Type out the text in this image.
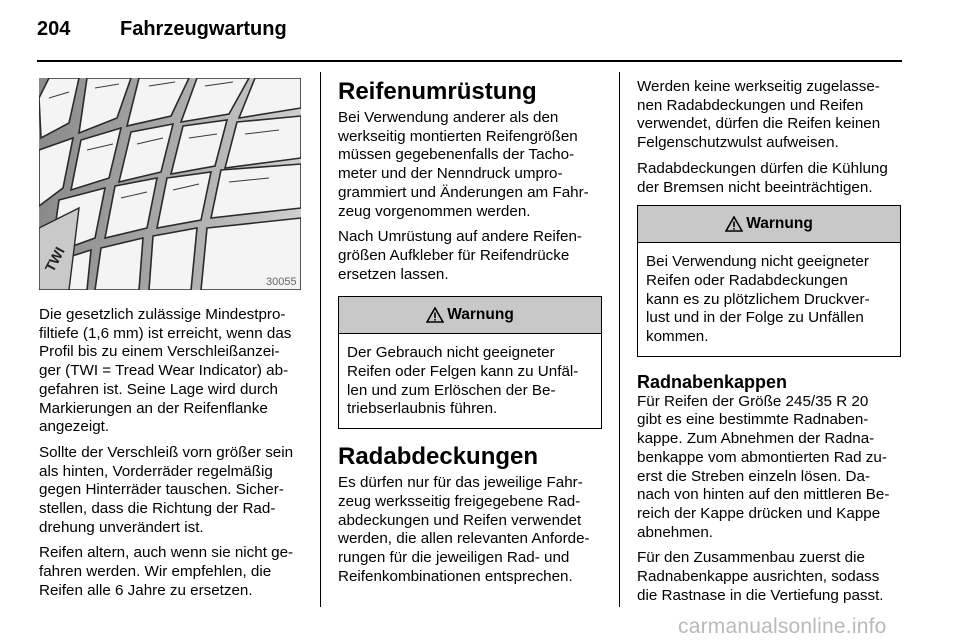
204 Fahrzeugwartung
TWI
30055

Die gesetzlich zulässige Mindestpro-
filtiefe (1,6 mm) ist erreicht, wenn das
Profil bis zu einem Verschleißanzei-
ger (TWI = Tread Wear Indicator) ab-
gefahren ist. Seine Lage wird durch
Markierungen an der Reifenflanke
angezeigt.

Sollte der Verschleiß vorn größer sein
als hinten, Vorderräder regelmäßig
gegen Hinterräder tauschen. Sicher-
stellen, dass die Richtung der Rad-
drehung unverändert ist.

Reifen altern, auch wenn sie nicht ge-
fahren werden. Wir empfehlen, die
Reifen alle 6 Jahre zu ersetzen.

Reifenumrüstung

Bei Verwendung anderer als den
werkseitig montierten Reifengrößen
müssen gegebenenfalls der Tacho-
meter und der Nenndruck umpro-
grammiert und Änderungen am Fahr-
zeug vorgenommen werden.

Nach Umrüstung auf andere Reifen-
größen Aufkleber für Reifendrücke
ersetzen lassen.

Warnung
Der Gebrauch nicht geeigneter
Reifen oder Felgen kann zu Unfäl-
len und zum Erlöschen der Be-
triebserlaubnis führen.
Radabdeckungen

Es dürfen nur für das jeweilige Fahr-
zeug werksseitig freigegebene Rad-
abdeckungen und Reifen verwendet
werden, die allen relevanten Anforde-
rungen für die jeweiligen Rad- und
Reifenkombinationen entsprechen.

Werden keine werkseitig zugelasse-
nen Radabdeckungen und Reifen
verwendet, dürfen die Reifen keinen
Felgenschutzwulst aufweisen.

Radabdeckungen dürfen die Kühlung
der Bremsen nicht beeinträchtigen.

Warnung
Bei Verwendung nicht geeigneter
Reifen oder Radabdeckungen
kann es zu plötzlichem Druckver-
lust und in der Folge zu Unfällen
kommen.
Radnabenkappen

Für Reifen der Größe 245/35 R 20
gibt es eine bestimmte Radnaben-
kappe. Zum Abnehmen der Radna-
benkappe vom abmontierten Rad zu-
erst die Streben einzeln lösen. Da-
nach von hinten auf den mittleren Be-
reich der Kappe drücken und Kappe
abnehmen.

Für den Zusammenbau zuerst die
Radnabenkappe ausrichten, sodass
die Rastnase in die Vertiefung passt.

carmanualsonline.info
